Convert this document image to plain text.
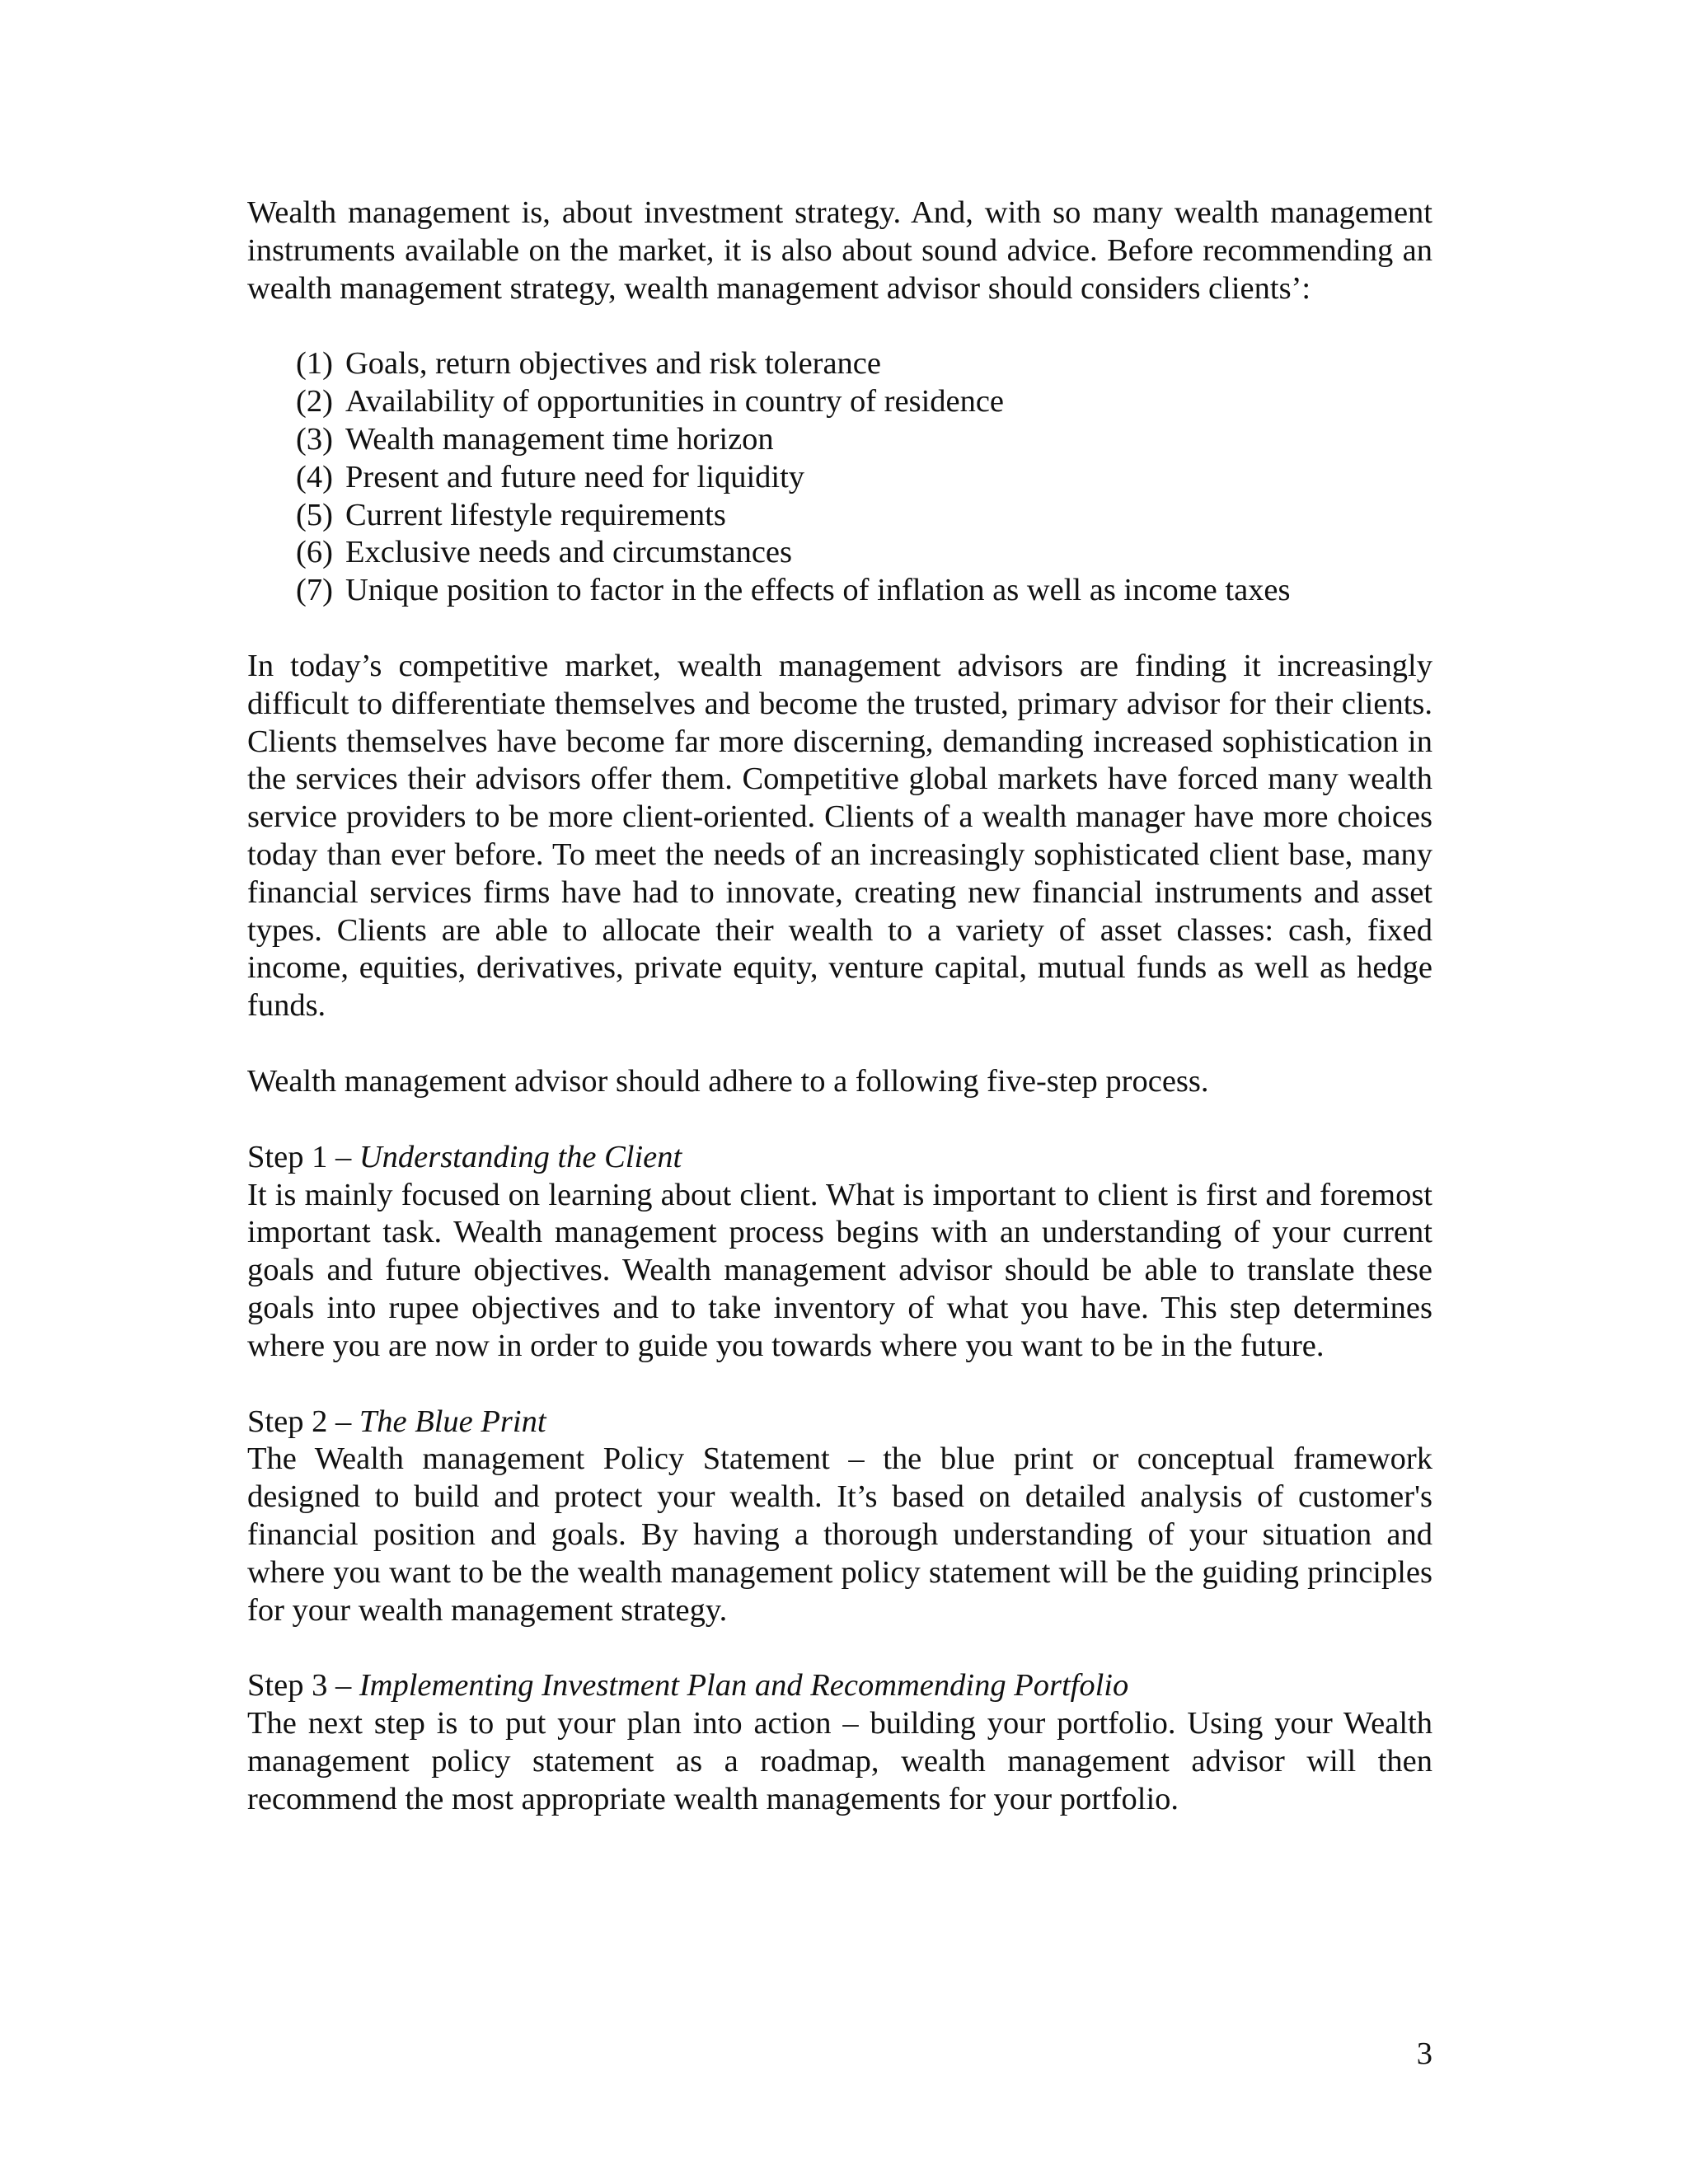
Wealth management is, about investment strategy. And, with so many wealth management instruments available on the market, it is also about sound advice. Before recommending an wealth management strategy, wealth management advisor should considers clients’:

(1) Goals, return objectives and risk tolerance
(2) Availability of opportunities in country of residence
(3) Wealth management time horizon
(4) Present and future need for liquidity
(5) Current lifestyle requirements
(6) Exclusive needs and circumstances
(7) Unique position to factor in the effects of inflation as well as income taxes

In today’s competitive market, wealth management advisors are finding it increasingly difficult to differentiate themselves and become the trusted, primary advisor for their clients. Clients themselves have become far more discerning, demanding increased sophistication in the services their advisors offer them. Competitive global markets have forced many wealth service providers to be more client-oriented. Clients of a wealth manager have more choices today than ever before. To meet the needs of an increasingly sophisticated client base, many financial services firms have had to innovate, creating new financial instruments and asset types. Clients are able to allocate their wealth to a variety of asset classes: cash, fixed income, equities, derivatives, private equity, venture capital, mutual funds as well as hedge funds.

Wealth management advisor should adhere to a following five-step process.

Step 1 – Understanding the Client

It is mainly focused on learning about client. What is important to client is first and foremost important task. Wealth management process begins with an understanding of your current goals and future objectives. Wealth management advisor should be able to translate these goals into rupee objectives and to take inventory of what you have. This step determines where you are now in order to guide you towards where you want to be in the future.

Step 2 – The Blue Print

The Wealth management Policy Statement – the blue print or conceptual framework designed to build and protect your wealth. It’s based on detailed analysis of customer's financial position and goals. By having a thorough understanding of your situation and where you want to be the wealth management policy statement will be the guiding principles for your wealth management strategy.

Step 3 – Implementing Investment Plan and Recommending Portfolio

The next step is to put your plan into action – building your portfolio. Using your Wealth management policy statement as a roadmap, wealth management advisor will then recommend the most appropriate wealth managements for your portfolio.

3
